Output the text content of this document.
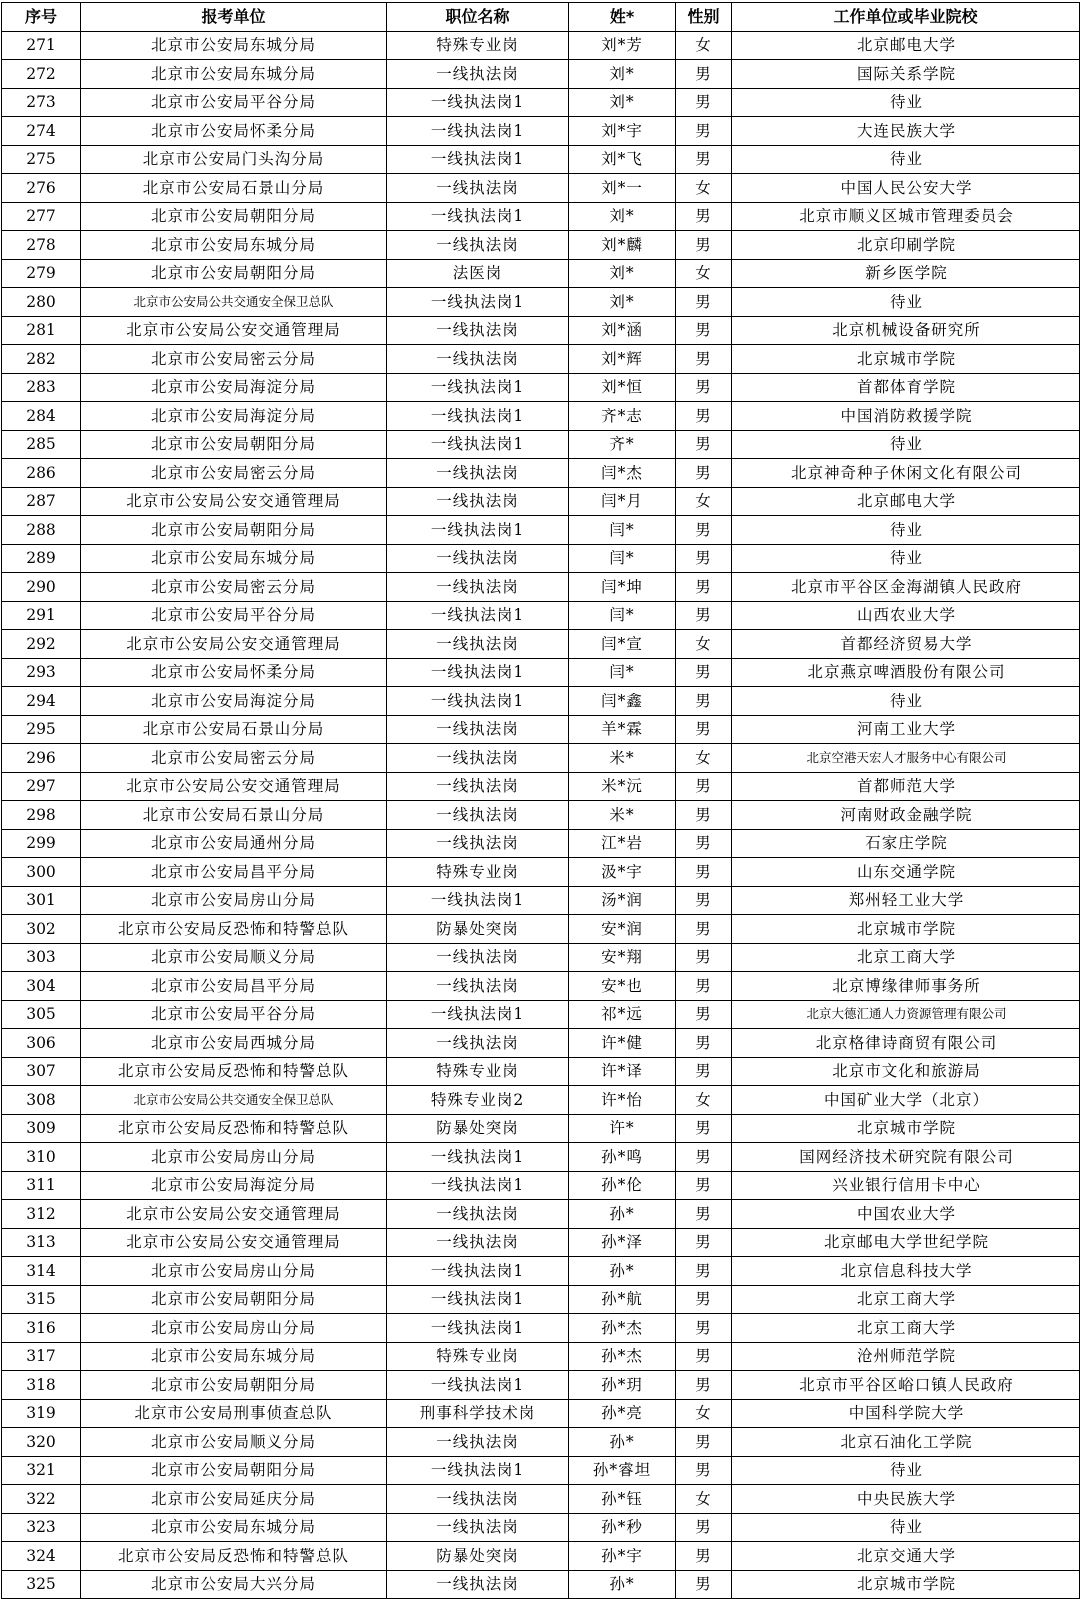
序号	报考单位	职位名称	姓*	性别	工作单位或毕业院校
271	北京市公安局东城分局	特殊专业岗	刘*芳	女	北京邮电大学
272	北京市公安局东城分局	一线执法岗	刘*	男	国际关系学院
273	北京市公安局平谷分局	一线执法岗1	刘*	男	待业
274	北京市公安局怀柔分局	一线执法岗1	刘*宇	男	大连民族大学
275	北京市公安局门头沟分局	一线执法岗1	刘*飞	男	待业
276	北京市公安局石景山分局	一线执法岗	刘*一	女	中国人民公安大学
277	北京市公安局朝阳分局	一线执法岗1	刘*	男	北京市顺义区城市管理委员会
278	北京市公安局东城分局	一线执法岗	刘*麟	男	北京印刷学院
279	北京市公安局朝阳分局	法医岗	刘*	女	新乡医学院
280	北京市公安局公共交通安全保卫总队	一线执法岗1	刘*	男	待业
281	北京市公安局公安交通管理局	一线执法岗	刘*涵	男	北京机械设备研究所
282	北京市公安局密云分局	一线执法岗	刘*辉	男	北京城市学院
283	北京市公安局海淀分局	一线执法岗1	刘*恒	男	首都体育学院
284	北京市公安局海淀分局	一线执法岗1	齐*志	男	中国消防救援学院
285	北京市公安局朝阳分局	一线执法岗1	齐*	男	待业
286	北京市公安局密云分局	一线执法岗	闫*杰	男	北京神奇种子休闲文化有限公司
287	北京市公安局公安交通管理局	一线执法岗	闫*月	女	北京邮电大学
288	北京市公安局朝阳分局	一线执法岗1	闫*	男	待业
289	北京市公安局东城分局	一线执法岗	闫*	男	待业
290	北京市公安局密云分局	一线执法岗	闫*坤	男	北京市平谷区金海湖镇人民政府
291	北京市公安局平谷分局	一线执法岗1	闫*	男	山西农业大学
292	北京市公安局公安交通管理局	一线执法岗	闫*宣	女	首都经济贸易大学
293	北京市公安局怀柔分局	一线执法岗1	闫*	男	北京燕京啤酒股份有限公司
294	北京市公安局海淀分局	一线执法岗1	闫*鑫	男	待业
295	北京市公安局石景山分局	一线执法岗	羊*霖	男	河南工业大学
296	北京市公安局密云分局	一线执法岗	米*	女	北京空港天宏人才服务中心有限公司
297	北京市公安局公安交通管理局	一线执法岗	米*沅	男	首都师范大学
298	北京市公安局石景山分局	一线执法岗	米*	男	河南财政金融学院
299	北京市公安局通州分局	一线执法岗	江*岩	男	石家庄学院
300	北京市公安局昌平分局	特殊专业岗	汲*宇	男	山东交通学院
301	北京市公安局房山分局	一线执法岗1	汤*润	男	郑州轻工业大学
302	北京市公安局反恐怖和特警总队	防暴处突岗	安*润	男	北京城市学院
303	北京市公安局顺义分局	一线执法岗	安*翔	男	北京工商大学
304	北京市公安局昌平分局	一线执法岗	安*也	男	北京博缘律师事务所
305	北京市公安局平谷分局	一线执法岗1	祁*远	男	北京大德汇通人力资源管理有限公司
306	北京市公安局西城分局	一线执法岗	许*健	男	北京格律诗商贸有限公司
307	北京市公安局反恐怖和特警总队	特殊专业岗	许*译	男	北京市文化和旅游局
308	北京市公安局公共交通安全保卫总队	特殊专业岗2	许*怡	女	中国矿业大学（北京）
309	北京市公安局反恐怖和特警总队	防暴处突岗	许*	男	北京城市学院
310	北京市公安局房山分局	一线执法岗1	孙*鸣	男	国网经济技术研究院有限公司
311	北京市公安局海淀分局	一线执法岗1	孙*伦	男	兴业银行信用卡中心
312	北京市公安局公安交通管理局	一线执法岗	孙*	男	中国农业大学
313	北京市公安局公安交通管理局	一线执法岗	孙*泽	男	北京邮电大学世纪学院
314	北京市公安局房山分局	一线执法岗1	孙*	男	北京信息科技大学
315	北京市公安局朝阳分局	一线执法岗1	孙*航	男	北京工商大学
316	北京市公安局房山分局	一线执法岗1	孙*杰	男	北京工商大学
317	北京市公安局东城分局	特殊专业岗	孙*杰	男	沧州师范学院
318	北京市公安局朝阳分局	一线执法岗1	孙*玥	男	北京市平谷区峪口镇人民政府
319	北京市公安局刑事侦查总队	刑事科学技术岗	孙*亮	女	中国科学院大学
320	北京市公安局顺义分局	一线执法岗	孙*	男	北京石油化工学院
321	北京市公安局朝阳分局	一线执法岗1	孙*睿坦	男	待业
322	北京市公安局延庆分局	一线执法岗	孙*钰	女	中央民族大学
323	北京市公安局东城分局	一线执法岗	孙*秒	男	待业
324	北京市公安局反恐怖和特警总队	防暴处突岗	孙*宇	男	北京交通大学
325	北京市公安局大兴分局	一线执法岗	孙*	男	北京城市学院
